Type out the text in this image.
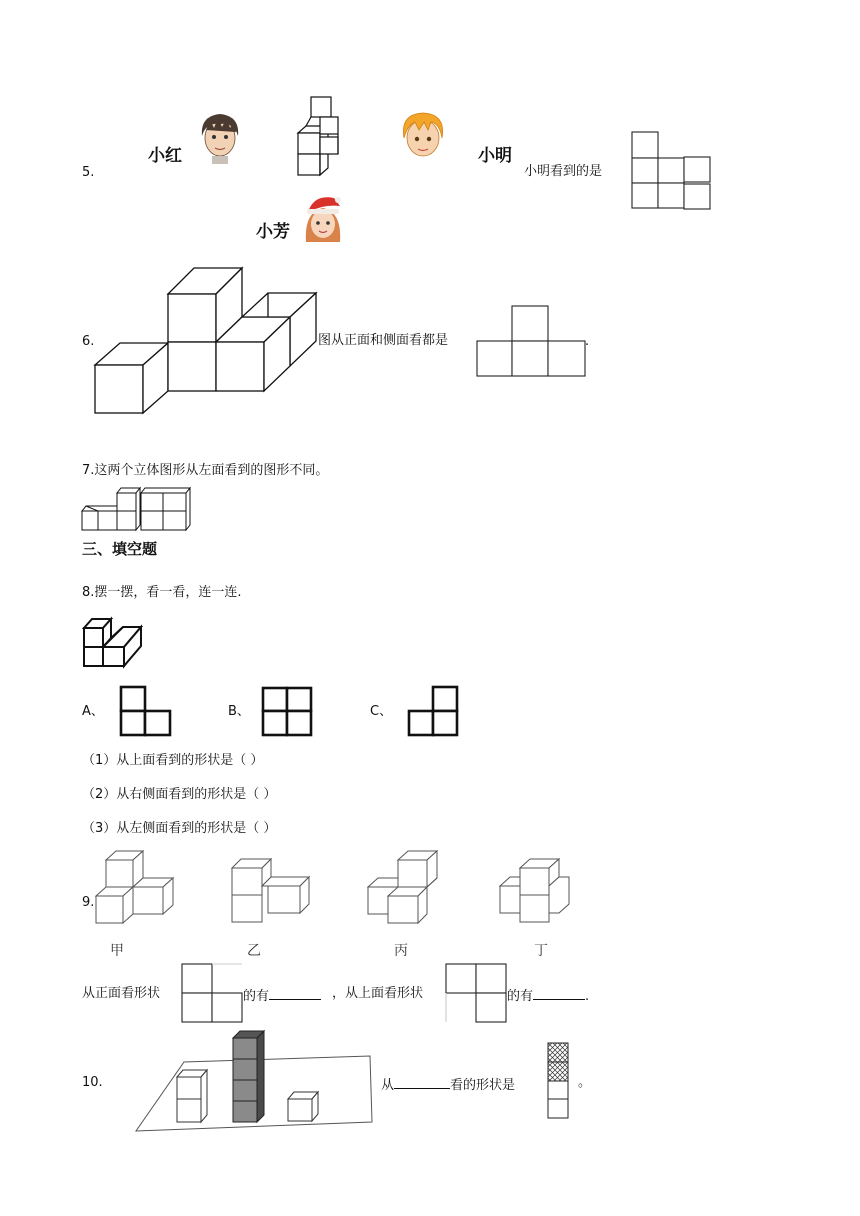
5.
小红	小明
小芳
小明看到的是
6.	图从正面和侧面看都是	.
7.这两个立体图形从左面看到的图形不同。
三、填空题
8.摆一摆，看一看，连一连.
A、	B、	C、
（1）从上面看到的形状是（ ）
（2）从右侧面看到的形状是（ ）
（3）从左侧面看到的形状是（ ）
9.
甲	乙	丙	丁
从正面看形状	的有	，从上面看形状	的有	.
10.	从	看的形状是	。
